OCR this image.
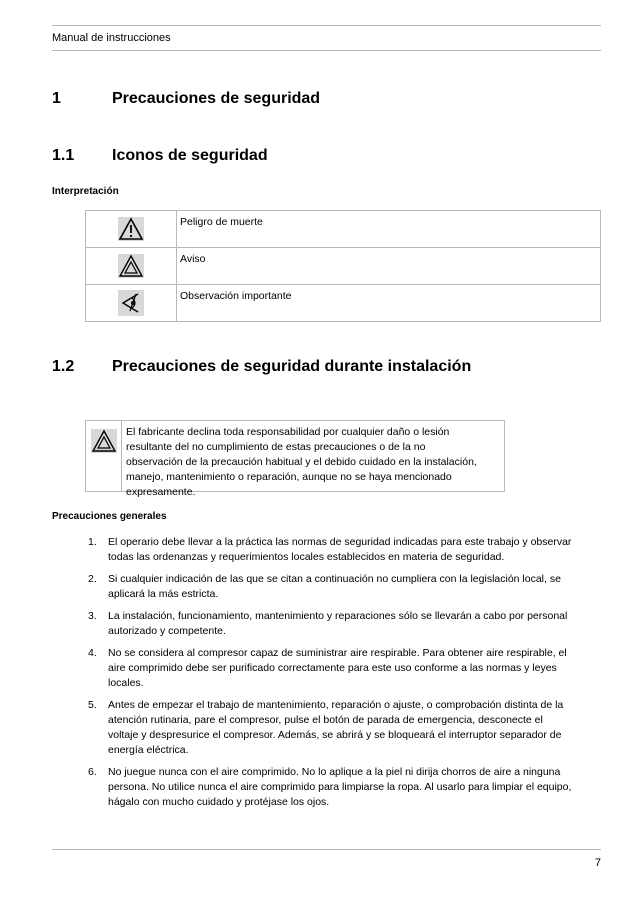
Manual de instrucciones
1	Precauciones de seguridad
1.1 Iconos de seguridad
Interpretación
	Peligro de muerte

	Aviso

	Observación importante
1.2 Precauciones de seguridad durante instalación
El fabricante declina toda responsabilidad por cualquier daño o lesión
resultante del no cumplimiento de estas precauciones o de la no
observación de la precaución habitual y el debido cuidado en la instalación,
manejo, mantenimiento o reparación, aunque no se haya mencionado
expresamente.
Precauciones generales
1. El operario debe llevar a la práctica las normas de seguridad indicadas para este trabajo y observar
todas las ordenanzas y requerimientos locales establecidos en materia de seguridad.
2. Si cualquier indicación de las que se citan a continuación no cumpliera con la legislación local, se
aplicará la más estricta.
3. La instalación, funcionamiento, mantenimiento y reparaciones sólo se llevarán a cabo por personal
autorizado y competente.
4. No se considera al compresor capaz de suministrar aire respirable. Para obtener aire respirable, el
aire comprimido debe ser purificado correctamente para este uso conforme a las normas y leyes
locales.
5. Antes de empezar el trabajo de mantenimiento, reparación o ajuste, o comprobación distinta de la
atención rutinaria, pare el compresor, pulse el botón de parada de emergencia, desconecte el
voltaje y despresurice el compresor. Además, se abrirá y se bloqueará el interruptor separador de
energía eléctrica.
6. No juegue nunca con el aire comprimido. No lo aplique a la piel ni dirija chorros de aire a ninguna
persona. No utilice nunca el aire comprimido para limpiarse la ropa. Al usarlo para limpiar el equipo,
hágalo con mucho cuidado y protéjase los ojos.
7
